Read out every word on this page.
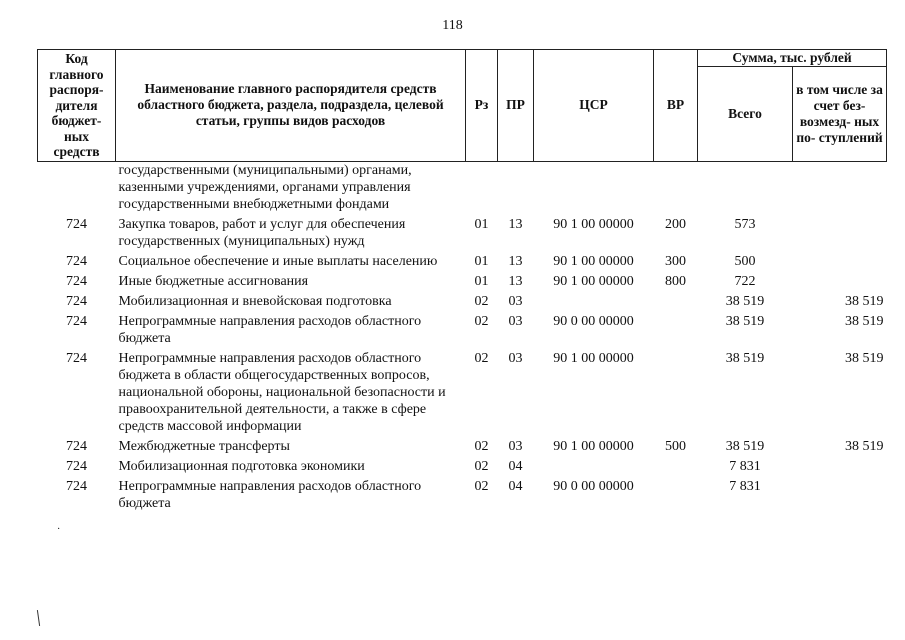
118
Код главного распоря- дителя бюджет- ных средств	Наименование главного распорядителя средств областного бюджета, раздела, подраздела, целевой статьи, группы видов расходов	Рз	ПР	ЦСР	ВР	Сумма, тыс. рублей	
						Всего	в том числе за счет без- возмезд- ных по- ступлений
	государственными (муниципальными) органами, казенными учреждениями, органами управления государственными внебюджетными фондами						
724	Закупка товаров, работ и услуг для обеспечения государственных (муниципальных) нужд	01	13	90 1 00 00000	200	573	
724	Социальное обеспечение и иные выплаты населению	01	13	90 1 00 00000	300	500	
724	Иные бюджетные ассигнования	01	13	90 1 00 00000	800	722	
724	Мобилизационная и вневойсковая подготовка	02	03			38 519	38 519
724	Непрограммные направления расходов областного бюджета	02	03	90 0 00 00000		38 519	38 519
724	Непрограммные направления расходов областного бюджета в области общегосударственных вопросов, национальной обороны, национальной безопасности и правоохранительной деятельности, а также в сфере средств массовой информации	02	03	90 1 00 00000		38 519	38 519
724	Межбюджетные трансферты	02	03	90 1 00 00000	500	38 519	38 519
724	Мобилизационная подготовка экономики	02	04			7 831	
724	Непрограммные направления расходов областного бюджета	02	04	90 0 00 00000		7 831	
·
